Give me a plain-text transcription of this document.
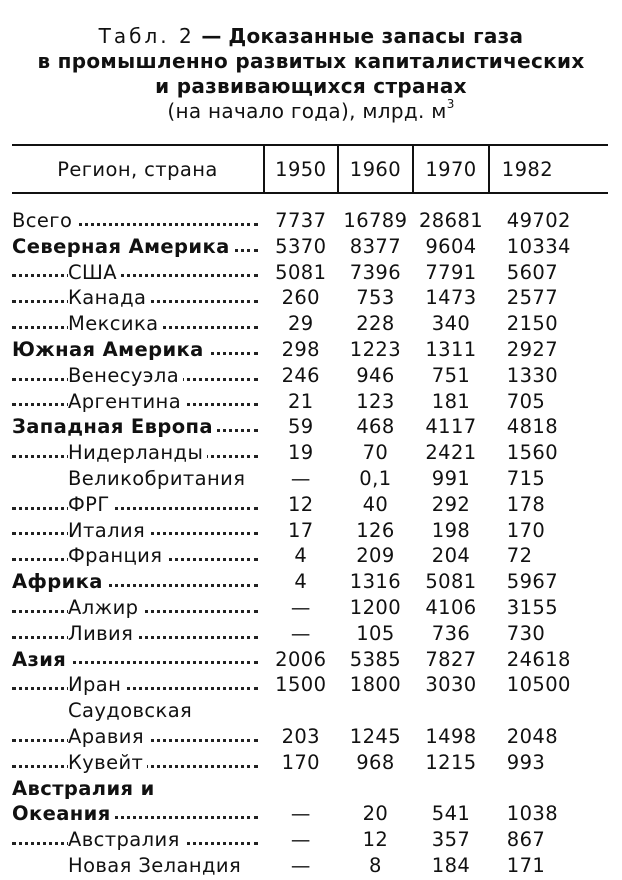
Табл. 2 — Доказанные запасы газа
в промышленно развитых капиталистических
и развивающихся странах
(на начало года), млрд. $м^3$
Регион, страна	1950	1960	1970	1982
Всего	7737	16789	28681	49702
Северная Америка	5370	8377	9604	10334
США	5081	7396	7791	5607
Канада	260	753	1473	2577
Мексика	29	228	340	2150
Южная Америка	298	1223	1311	2927
Венесуэла	246	946	751	1330
Аргентина	21	123	181	705
Западная Европа	59	468	4117	4818
Нидерланды	19	70	2421	1560
Великобритания	—	0,1	991	715
ФРГ	12	40	292	178
Италия	17	126	198	170
Франция	4	209	204	72
Африка	4	1316	5081	5967
Алжир	—	1200	4106	3155
Ливия	—	105	736	730
Азия	2006	5385	7827	24618
Иран	1500	1800	3030	10500
Саудовская				
Аравия	203	1245	1498	2048
Кувейт	170	968	1215	993
Австралия и				
Океания	—	20	541	1038
Австралия	—	12	357	867
Новая Зеландия	—	8	184	171
